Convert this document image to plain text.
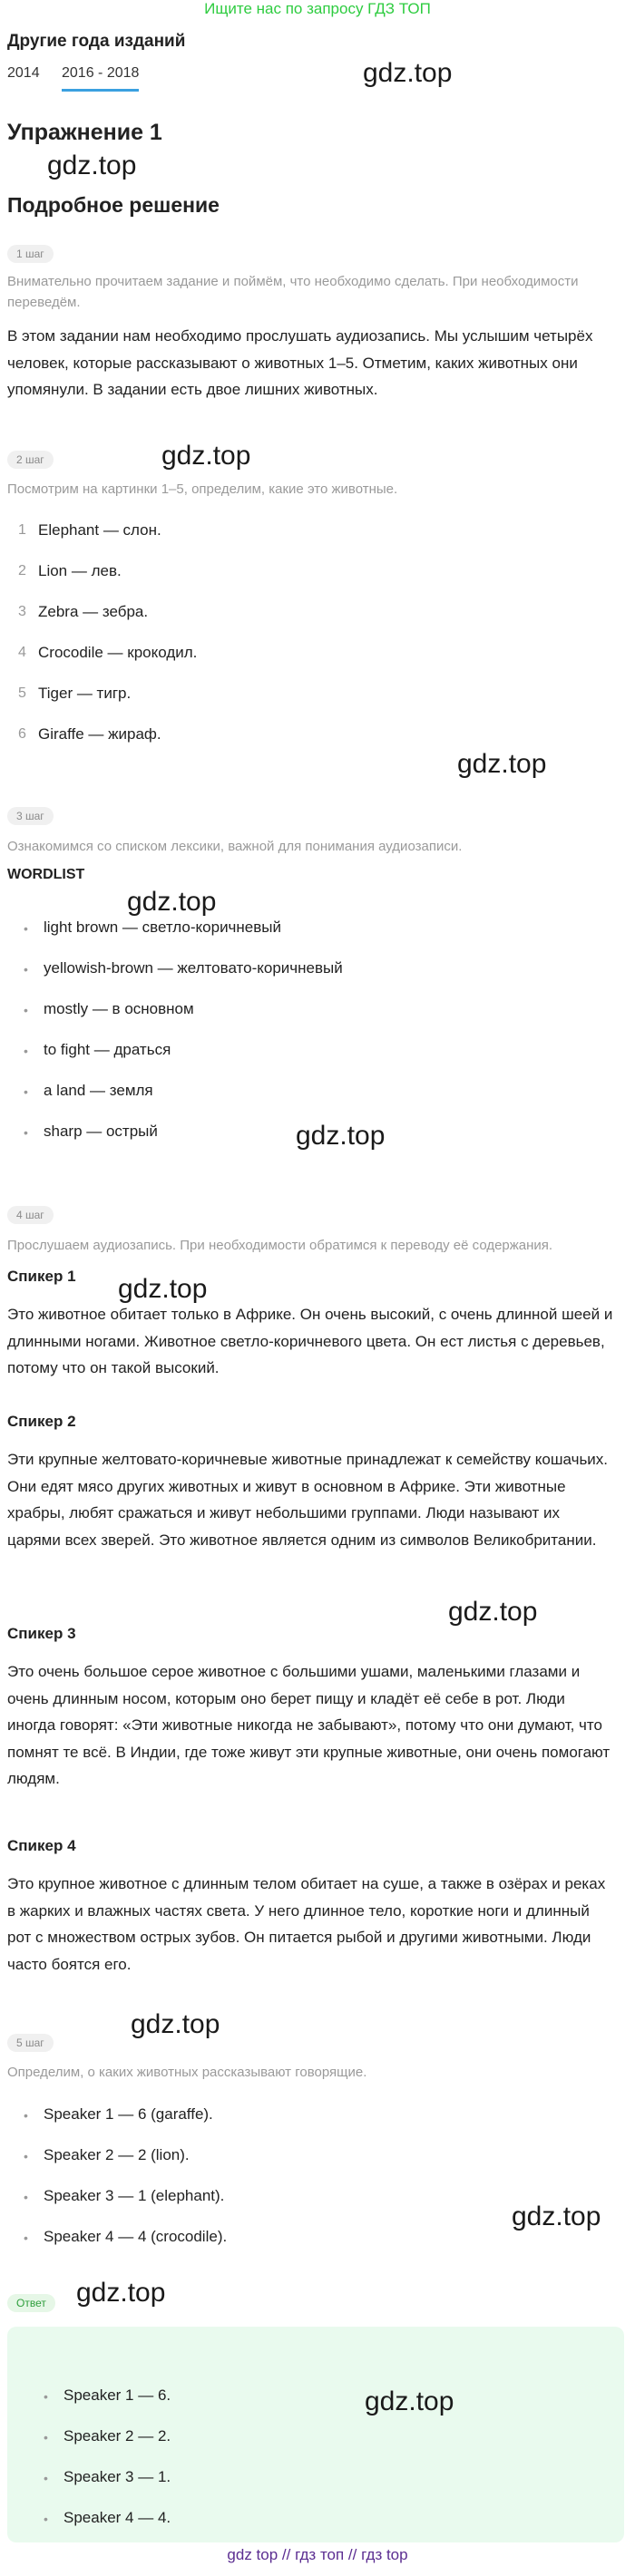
Ищите нас по запросу ГДЗ ТОП
Другие года изданий
2014 2016 - 2018
Упражнение 1
Подробное решение
1 шаг
Внимательно прочитаем задание и поймём, что необходимо сделать. При необходимости переведём.
В этом задании нам необходимо прослушать аудиозапись. Мы услышим четырёх человек, которые рассказывают о животных 1–5. Отметим, каких животных они упомянули. В задании есть двое лишних животных.
2 шаг
Посмотрим на картинки 1–5, определим, какие это животные.
1 Elephant — слон.
2 Lion — лев.
3 Zebra — зебра.
4 Crocodile — крокодил.
5 Tiger — тигр.
6 Giraffe — жираф.
3 шаг
Ознакомимся со списком лексики, важной для понимания аудиозаписи.
WORDLIST
• light brown — светло-коричневый
• yellowish-brown — желтовато-коричневый
• mostly — в основном
• to fight — драться
• a land — земля
• sharp — острый
4 шаг
Прослушаем аудиозапись. При необходимости обратимся к переводу её содержания.
Спикер 1
Это животное обитает только в Африке. Он очень высокий, с очень длинной шеей и длинными ногами. Животное светло-коричневого цвета. Он ест листья с деревьев, потому что он такой высокий.
Спикер 2
Эти крупные желтовато-коричневые животные принадлежат к семейству кошачьих. Они едят мясо других животных и живут в основном в Африке. Эти животные храбры, любят сражаться и живут небольшими группами. Люди называют их царями всех зверей. Это животное является одним из символов Великобритании.
Спикер 3
Это очень большое серое животное с большими ушами, маленькими глазами и очень длинным носом, которым оно берет пищу и кладёт её себе в рот. Люди иногда говорят: «Эти животные никогда не забывают», потому что они думают, что помнят те всё. В Индии, где тоже живут эти крупные животные, они очень помогают людям.
Спикер 4
Это крупное животное с длинным телом обитает на суше, а также в озёрах и реках в жарких и влажных частях света. У него длинное тело, короткие ноги и длинный рот с множеством острых зубов. Он питается рыбой и другими животными. Люди часто боятся его.
5 шаг
Определим, о каких животных рассказывают говорящие.
• Speaker 1 — 6 (garaffe).
• Speaker 2 — 2 (lion).
• Speaker 3 — 1 (elephant).
• Speaker 4 — 4 (crocodile).
Ответ
• Speaker 1 — 6.
• Speaker 2 — 2.
• Speaker 3 — 1.
• Speaker 4 — 4.
gdz.top
gdz.top
gdz.top
gdz.top
gdz.top
gdz.top
gdz.top
gdz.top
gdz.top
gdz.top
gdz.top
gdz.top
gdz top // гдз топ // гдз top
